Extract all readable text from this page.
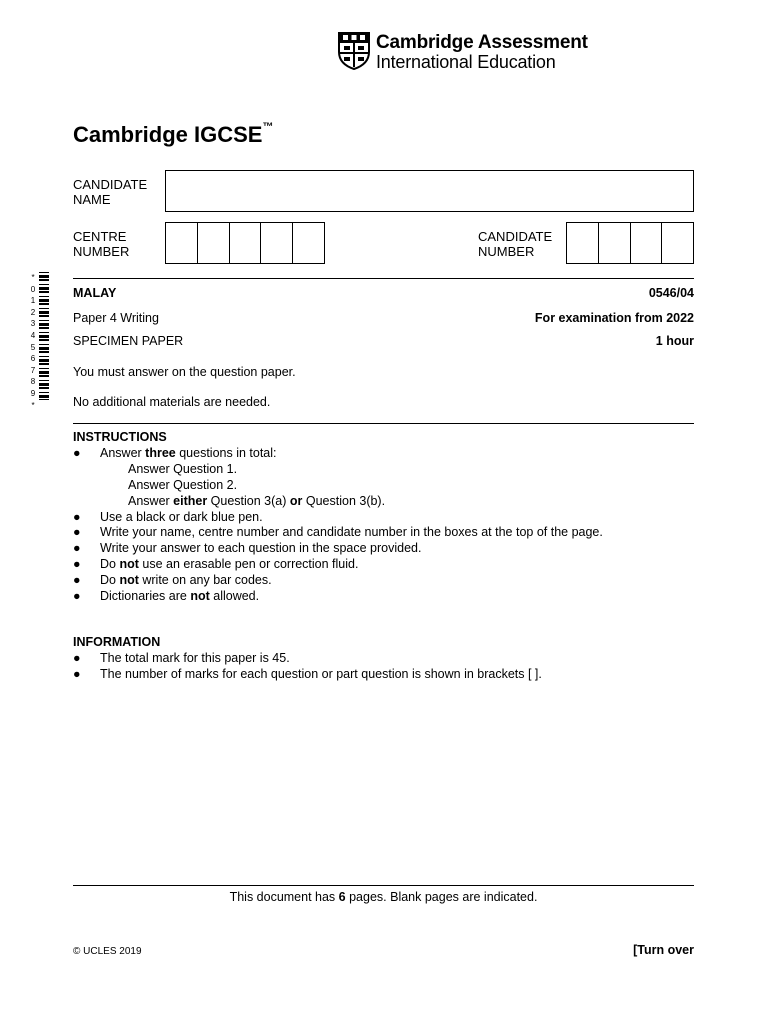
Cambridge Assessment
International Education
Cambridge IGCSE™
CANDIDATE
NAME
CENTRE
NUMBER
CANDIDATE
NUMBER
*
0
1
2
3
4
5
6
7
8
9
*
MALAY	0546/04
Paper 4 Writing	For examination from 2022
SPECIMEN PAPER	1 hour
You must answer on the question paper.
No additional materials are needed.
INSTRUCTIONS
● Answer three questions in total:
Answer Question 1.
Answer Question 2.
Answer either Question 3(a) or Question 3(b).
● Use a black or dark blue pen.
● Write your name, centre number and candidate number in the boxes at the top of the page.
● Write your answer to each question in the space provided.
● Do not use an erasable pen or correction fluid.
● Do not write on any bar codes.
● Dictionaries are not allowed.
INFORMATION
● The total mark for this paper is 45.
● The number of marks for each question or part question is shown in brackets [ ].
This document has 6 pages. Blank pages are indicated.
© UCLES 2019	[Turn over
